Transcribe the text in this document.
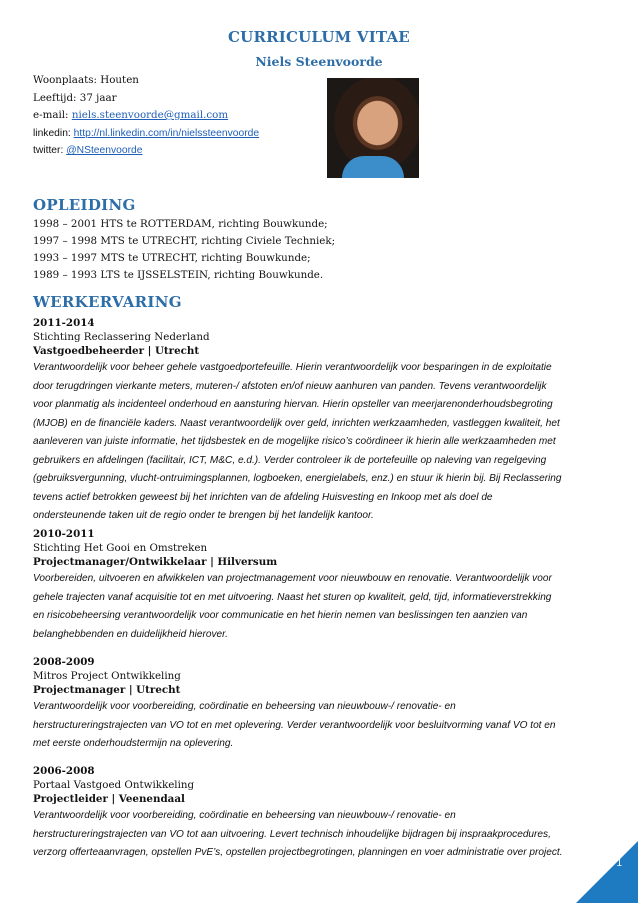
CURRICULUM VITAE
Niels Steenvoorde
Woonplaats: Houten
Leeftijd: 37 jaar
e-mail: niels.steenvoorde@gmail.com
linkedin: http://nl.linkedin.com/in/nielssteenvoorde
twitter: @NSteenvoorde
OPLEIDING
1998 – 2001 HTS te ROTTERDAM, richting Bouwkunde;
1997 – 1998 MTS te UTRECHT, richting Civiele Techniek;
1993 – 1997 MTS te UTRECHT, richting Bouwkunde;
1989 – 1993 LTS te IJSSELSTEIN, richting Bouwkunde.
WERKERVARING
2011-2014
Stichting Reclassering Nederland
Vastgoedbeheerder | Utrecht
Verantwoordelijk voor beheer gehele vastgoedportefeuille. Hierin verantwoordelijk voor besparingen in de exploitatie
door terugdringen vierkante meters, muteren-/ afstoten en/of nieuw aanhuren van panden. Tevens verantwoordelijk
voor planmatig als incidenteel onderhoud en aansturing hiervan. Hierin opsteller van meerjarenonderhoudsbegroting
(MJOB) en de financiële kaders. Naast verantwoordelijk over geld, inrichten werkzaamheden, vastleggen kwaliteit, het
aanleveren van juiste informatie, het tijdsbestek en de mogelijke risico’s coördineer ik hierin alle werkzaamheden met
gebruikers en afdelingen (facilitair, ICT, M&C, e.d.). Verder controleer ik de portefeuille op naleving van regelgeving
(gebruiksvergunning, vlucht-ontruimingsplannen, logboeken, energielabels, enz.) en stuur ik hierin bij. Bij Reclassering
tevens actief betrokken geweest bij het inrichten van de afdeling Huisvesting en Inkoop met als doel de
ondersteunende taken uit de regio onder te brengen bij het landelijk kantoor.
2010-2011
Stichting Het Gooi en Omstreken
Projectmanager/Ontwikkelaar | Hilversum
Voorbereiden, uitvoeren en afwikkelen van projectmanagement voor nieuwbouw en renovatie. Verantwoordelijk voor
gehele trajecten vanaf acquisitie tot en met uitvoering. Naast het sturen op kwaliteit, geld, tijd, informatieverstrekking
en risicobeheersing verantwoordelijk voor communicatie en het hierin nemen van beslissingen ten aanzien van
belanghebbenden en duidelijkheid hierover.
2008-2009
Mitros Project Ontwikkeling
Projectmanager | Utrecht
Verantwoordelijk voor voorbereiding, coördinatie en beheersing van nieuwbouw-/ renovatie- en
herstructureringstrajecten van VO tot en met oplevering. Verder verantwoordelijk voor besluitvorming vanaf VO tot en
met eerste onderhoudstermijn na oplevering.
2006-2008
Portaal Vastgoed Ontwikkeling
Projectleider | Veenendaal
Verantwoordelijk voor voorbereiding, coördinatie en beheersing van nieuwbouw-/ renovatie- en
herstructureringstrajecten van VO tot aan uitvoering. Levert technisch inhoudelijke bijdragen bij inspraakprocedures,
verzorg offerteaanvragen, opstellen PvE’s, opstellen projectbegrotingen, planningen en voer administratie over project.
1
